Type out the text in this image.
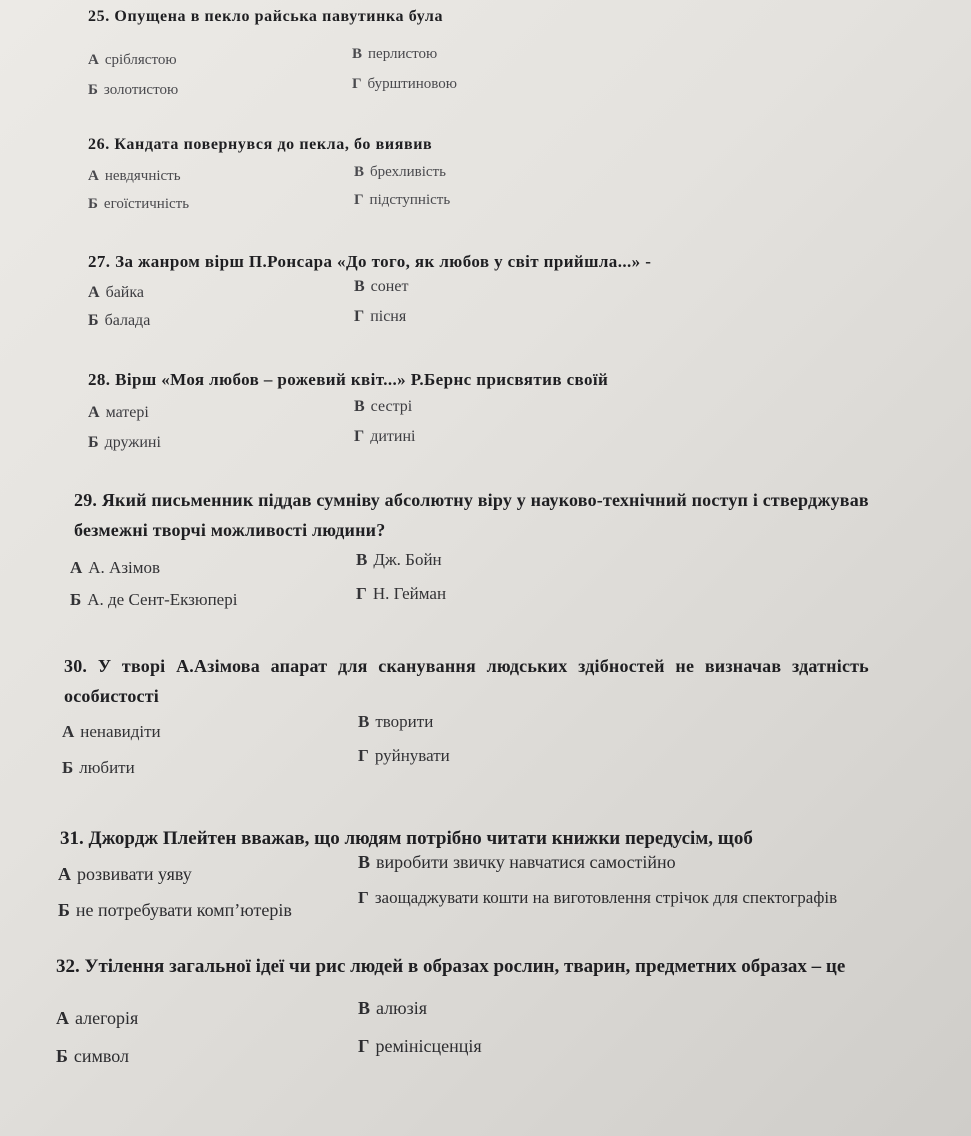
25. Опущена в пекло райська павутинка була
А сріблястою
Б золотистою
В перлистою
Г бурштиновою
26. Кандата повернувся до пекла, бо виявив
А невдячність
Б егоїстичність
В брехливість
Г підступність
27. За жанром вірш П.Ронсара «До того, як любов у світ прийшла...» -
А байка
Б балада
В сонет
Г пісня
28. Вірш «Моя любов – рожевий квіт...» Р.Бернс присвятив своїй
А матері
Б дружині
В сестрі
Г дитині
29. Який письменник піддав сумніву абсолютну віру у науково-технічний поступ і стверджував
безмежні творчі можливості людини?
А А. Азімов
Б А. де Сент-Екзюпері
В Дж. Бойн
Г Н. Гейман
30. У творі А.Азімова апарат для сканування людських здібностей не визначав здатність
особистості
А ненавидіти
Б любити
В творити
Г руйнувати
31. Джордж Плейтен вважав, що людям потрібно читати книжки передусім, щоб
А розвивати уяву
Б не потребувати комп’ютерів
В виробити звичку навчатися самостійно
Г заощаджувати кошти на виготовлення стрічок для спектографів
32. Утілення загальної ідеї чи рис людей в образах рослин, тварин, предметних образах – це
А алегорія
Б символ
В алюзія
Г ремінісценція
